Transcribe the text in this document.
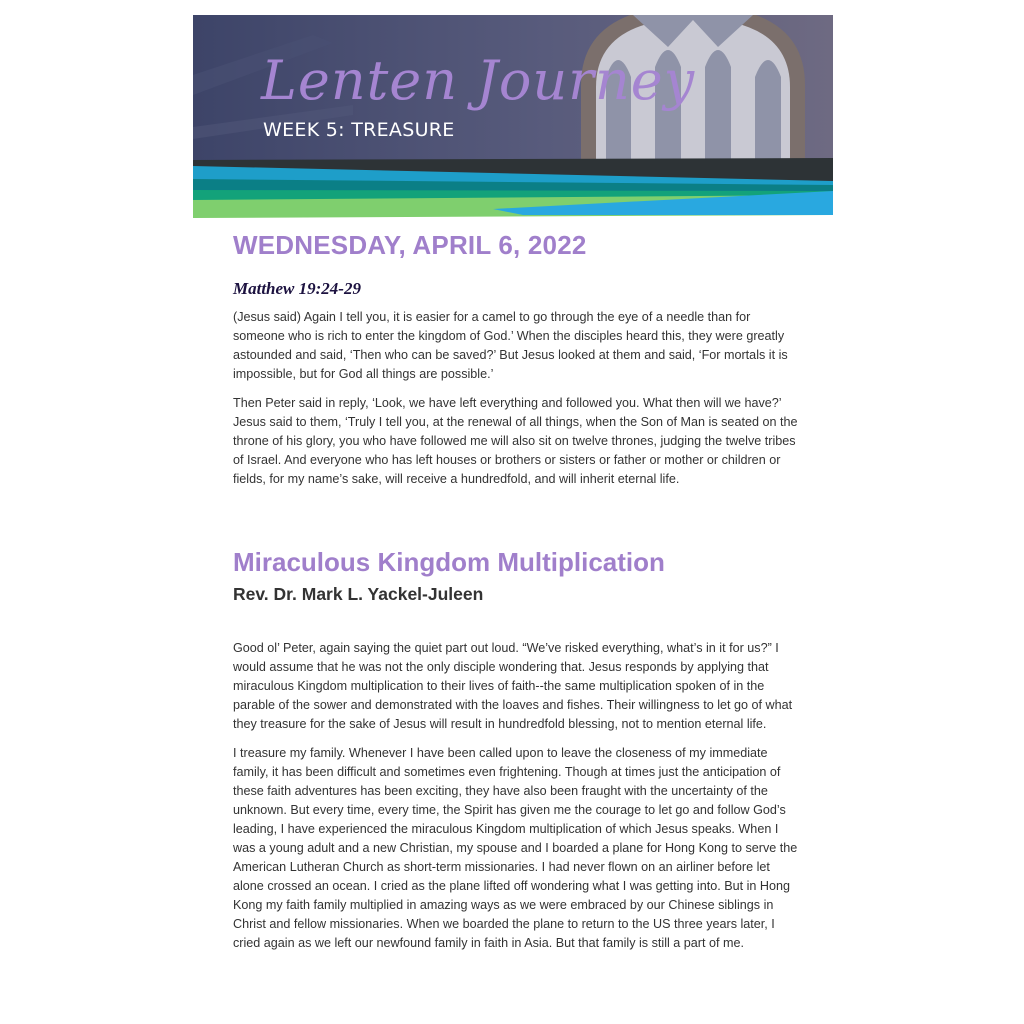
Lenten Journey
WEEK 5: TREASURE
WEDNESDAY, APRIL 6, 2022
Matthew 19:24-29

(Jesus said) Again I tell you, it is easier for a camel to go through the eye of a needle than for someone who is rich to enter the kingdom of God.’ When the disciples heard this, they were greatly astounded and said, ‘Then who can be saved?’ But Jesus looked at them and said, ‘For mortals it is impossible, but for God all things are possible.’

Then Peter said in reply, ‘Look, we have left everything and followed you. What then will we have?’ Jesus said to them, ‘Truly I tell you, at the renewal of all things, when the Son of Man is seated on the throne of his glory, you who have followed me will also sit on twelve thrones, judging the twelve tribes of Israel. And everyone who has left houses or brothers or sisters or father or mother or children or fields, for my name’s sake, will receive a hundredfold, and will inherit eternal life.

Miraculous Kingdom Multiplication
Rev. Dr. Mark L. Yackel-Juleen

Good ol’ Peter, again saying the quiet part out loud. “We’ve risked everything, what’s in it for us?” I would assume that he was not the only disciple wondering that. Jesus responds by applying that miraculous Kingdom multiplication to their lives of faith--the same multiplication spoken of in the parable of the sower and demonstrated with the loaves and fishes. Their willingness to let go of what they treasure for the sake of Jesus will result in hundredfold blessing, not to mention eternal life.

I treasure my family. Whenever I have been called upon to leave the closeness of my immediate family, it has been difficult and sometimes even frightening. Though at times just the anticipation of these faith adventures has been exciting, they have also been fraught with the uncertainty of the unknown. But every time, every time, the Spirit has given me the courage to let go and follow God’s leading, I have experienced the miraculous Kingdom multiplication of which Jesus speaks. When I was a young adult and a new Christian, my spouse and I boarded a plane for Hong Kong to serve the American Lutheran Church as short-term missionaries. I had never flown on an airliner before let alone crossed an ocean. I cried as the plane lifted off wondering what I was getting into. But in Hong Kong my faith family multiplied in amazing ways as we were embraced by our Chinese siblings in Christ and fellow missionaries. When we boarded the plane to return to the US three years later, I cried again as we left our newfound family in faith in Asia. But that family is still a part of me.
